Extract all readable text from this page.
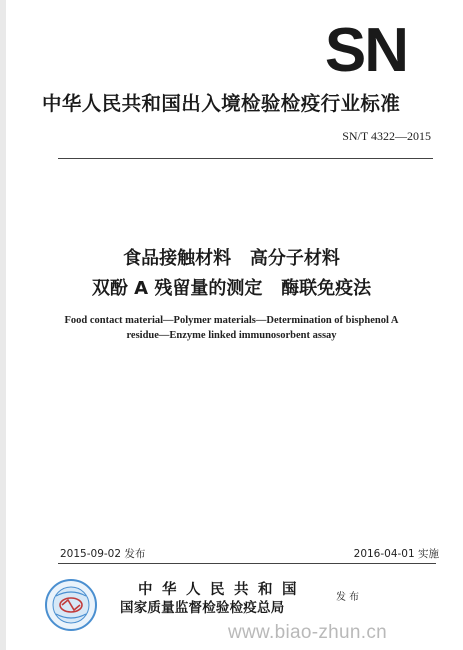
SN
中华人民共和国出入境检验检疫行业标准
SN/T 4322—2015
食品接触材料   高分子材料
双酚 A 残留量的测定   酶联免疫法
Food contact material—Polymer materials—Determination of bisphenol A
residue—Enzyme linked immunosorbent assay
2015-09-02 发布	2016-04-01 实施
中华人民共和国
国家质量监督检验检疫总局
发布
www.biao-zhun.cn
